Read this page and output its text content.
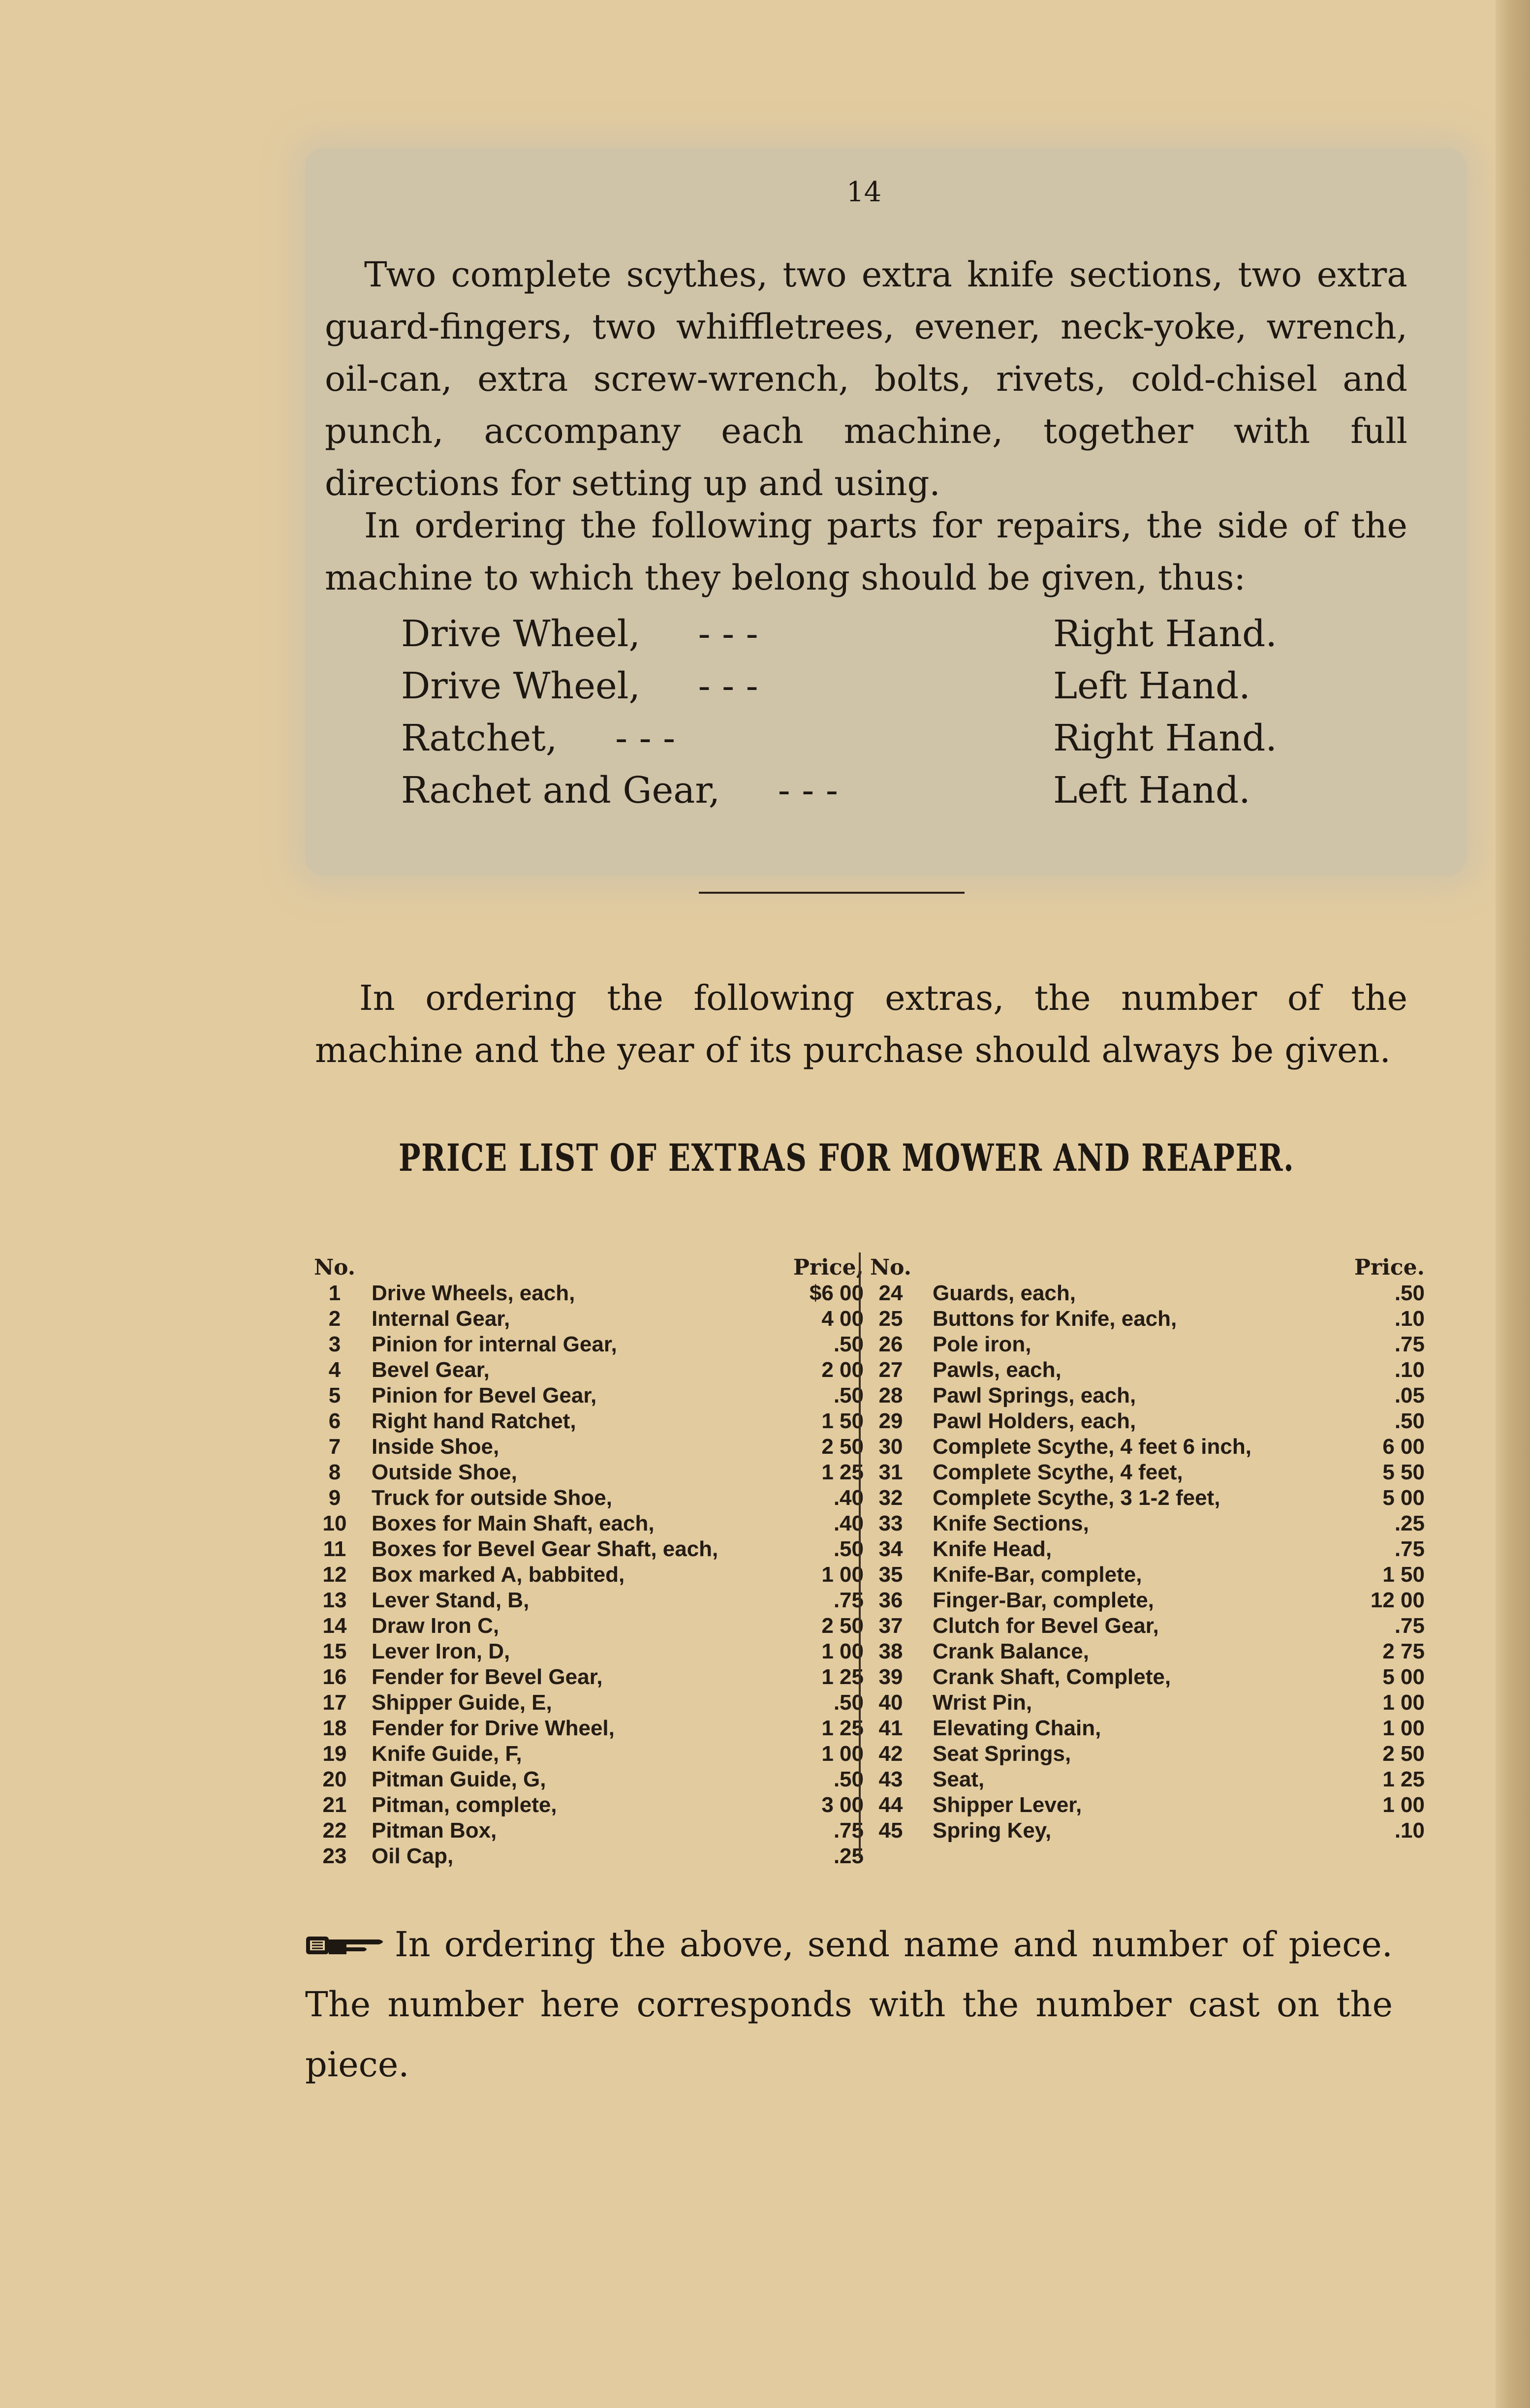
14

Two complete scythes, two extra knife sections, two extra guard-fingers, two whiffletrees, evener, neck-yoke, wrench, oil-can, extra screw-wrench, bolts, rivets, cold-chisel and punch, accompany each machine, together with full directions for setting up and using.

In ordering the following parts for repairs, the side of the machine to which they belong should be given, thus:

Drive Wheel, - - -	Right Hand.
Drive Wheel, - - -	Left Hand.
Ratchet, - - -	Right Hand.
Rachet and Gear, - - -	Left Hand.

In ordering the following extras, the number of the machine and the year of its purchase should always be given.

PRICE LIST OF EXTRAS FOR MOWER AND REAPER.
No.	Price,
1	Drive Wheels, each,	$6 00
2	Internal Gear,	4 00
3	Pinion for internal Gear,	.50
4	Bevel Gear,	2 00
5	Pinion for Bevel Gear,	.50
6	Right hand Ratchet,	1 50
7	Inside Shoe,	2 50
8	Outside Shoe,	1 25
9	Truck for outside Shoe,	.40
10	Boxes for Main Shaft, each,	.40
11	Boxes for Bevel Gear Shaft, each,	.50
12	Box marked A, babbited,	1 00
13	Lever Stand, B,	.75
14	Draw Iron C,	2 50
15	Lever Iron, D,	1 00
16	Fender for Bevel Gear,	1 25
17	Shipper Guide, E,	.50
18	Fender for Drive Wheel,	1 25
19	Knife Guide, F,	1 00
20	Pitman Guide, G,	.50
21	Pitman, complete,	3 00
22	Pitman Box,	.75
23	Oil Cap,	.25
No.	Price.
24	Guards, each,	.50
25	Buttons for Knife, each,	.10
26	Pole iron,	.75
27	Pawls, each,	.10
28	Pawl Springs, each,	.05
29	Pawl Holders, each,	.50
30	Complete Scythe, 4 feet 6 inch,	6 00
31	Complete Scythe, 4 feet,	5 50
32	Complete Scythe, 3 1-2 feet,	5 00
33	Knife Sections,	.25
34	Knife Head,	.75
35	Knife-Bar, complete,	1 50
36	Finger-Bar, complete,	12 00
37	Clutch for Bevel Gear,	.75
38	Crank Balance,	2 75
39	Crank Shaft, Complete,	5 00
40	Wrist Pin,	1 00
41	Elevating Chain,	1 00
42	Seat Springs,	2 50
43	Seat,	1 25
44	Shipper Lever,	1 00
45	Spring Key,	.10

In ordering the above, send name and number of piece. The number here corresponds with the number cast on the piece.
